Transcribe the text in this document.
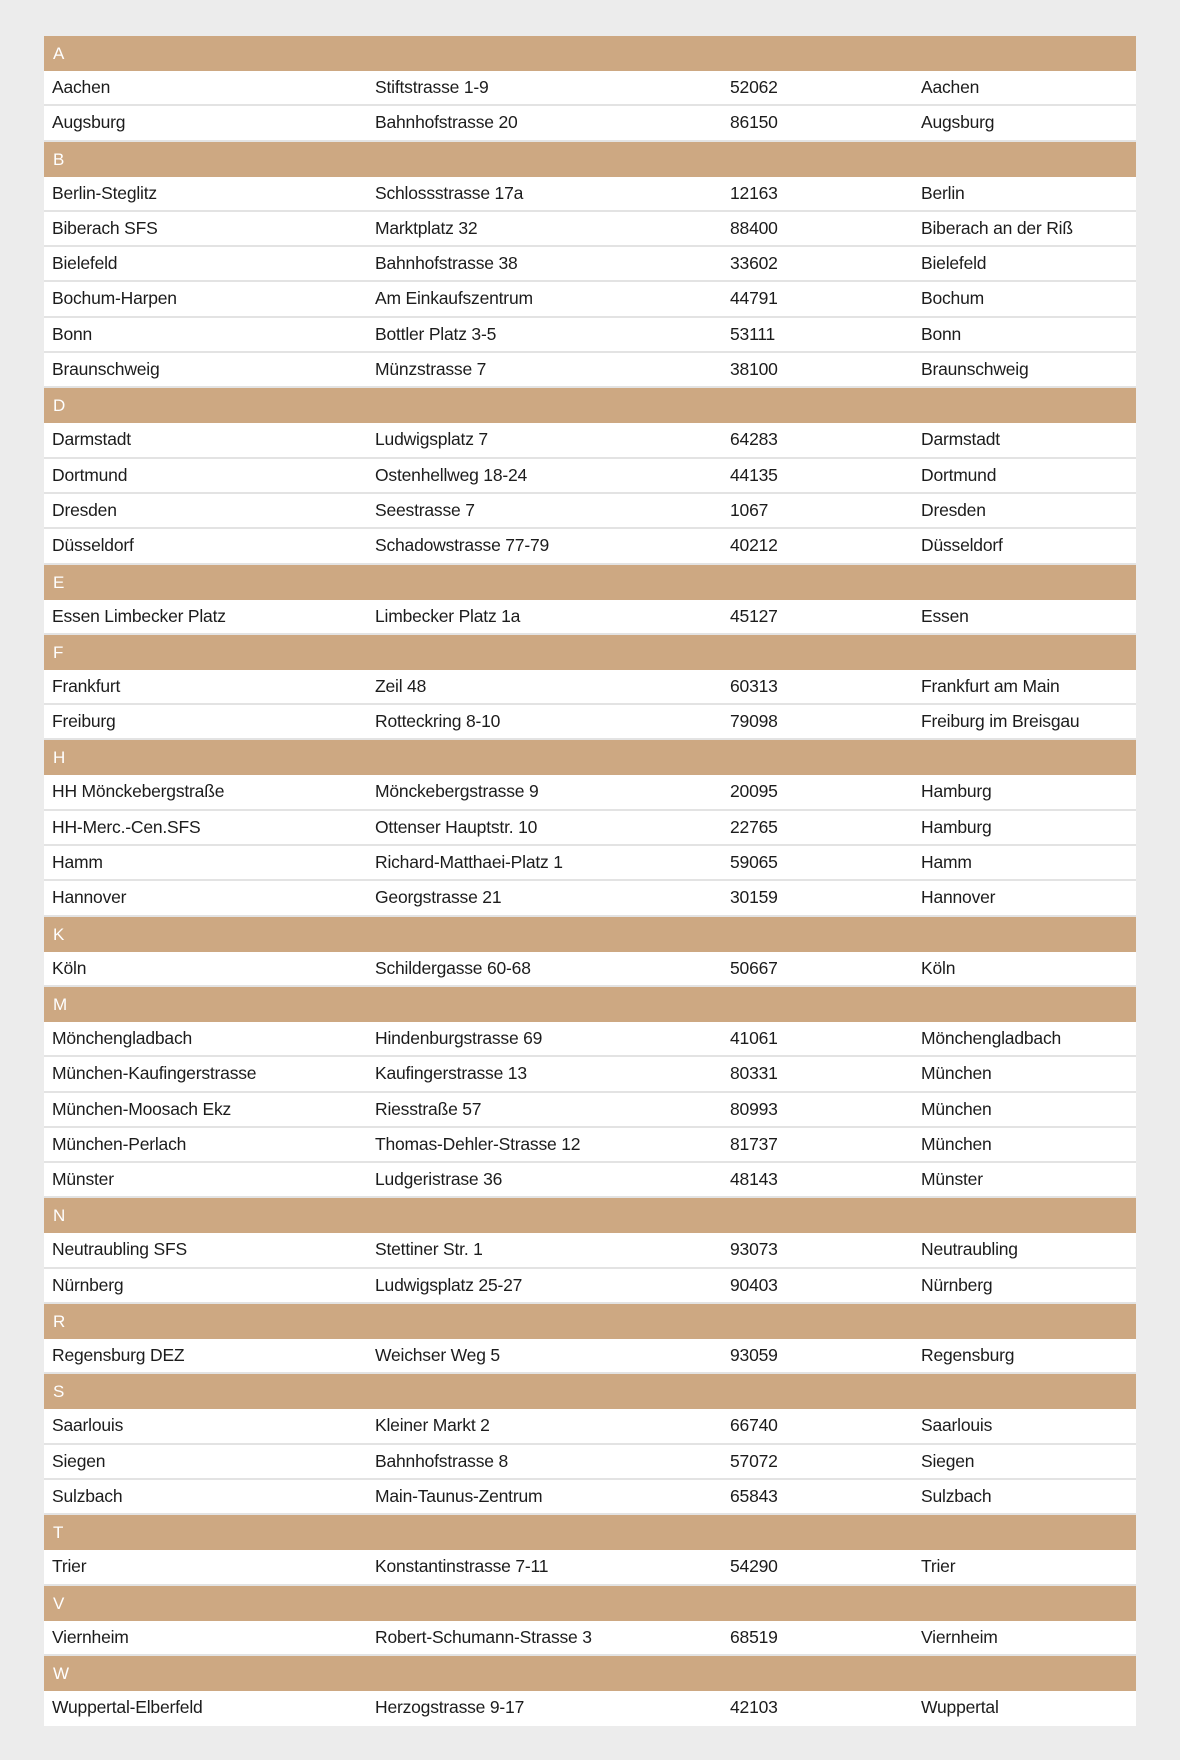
A
Aachen	Stiftstrasse 1-9	52062	Aachen
Augsburg	Bahnhofstrasse 20	86150	Augsburg
B
Berlin-Steglitz	Schlossstrasse 17a	12163	Berlin
Biberach SFS	Marktplatz 32	88400	Biberach an der Riß
Bielefeld	Bahnhofstrasse 38	33602	Bielefeld
Bochum-Harpen	Am Einkaufszentrum	44791	Bochum
Bonn	Bottler Platz 3-5	53111	Bonn
Braunschweig	Münzstrasse 7	38100	Braunschweig
D
Darmstadt	Ludwigsplatz 7	64283	Darmstadt
Dortmund	Ostenhellweg 18-24	44135	Dortmund
Dresden	Seestrasse 7	1067	Dresden
Düsseldorf	Schadowstrasse 77-79	40212	Düsseldorf
E
Essen Limbecker Platz	Limbecker Platz 1a	45127	Essen
F
Frankfurt	Zeil 48	60313	Frankfurt am Main
Freiburg	Rotteckring 8-10	79098	Freiburg im Breisgau
H
HH Mönckebergstraße	Mönckebergstrasse 9	20095	Hamburg
HH-Merc.-Cen.SFS	Ottenser Hauptstr. 10	22765	Hamburg
Hamm	Richard-Matthaei-Platz 1	59065	Hamm
Hannover	Georgstrasse 21	30159	Hannover
K
Köln	Schildergasse 60-68	50667	Köln
M
Mönchengladbach	Hindenburgstrasse 69	41061	Mönchengladbach
München-Kaufingerstrasse	Kaufingerstrasse 13	80331	München
München-Moosach Ekz	Riesstraße 57	80993	München
München-Perlach	Thomas-Dehler-Strasse 12	81737	München
Münster	Ludgeristrase 36	48143	Münster
N
Neutraubling SFS	Stettiner Str. 1	93073	Neutraubling
Nürnberg	Ludwigsplatz 25-27	90403	Nürnberg
R
Regensburg DEZ	Weichser Weg 5	93059	Regensburg
S
Saarlouis	Kleiner Markt 2	66740	Saarlouis
Siegen	Bahnhofstrasse 8	57072	Siegen
Sulzbach	Main-Taunus-Zentrum	65843	Sulzbach
T
Trier	Konstantinstrasse 7-11	54290	Trier
V
Viernheim	Robert-Schumann-Strasse 3	68519	Viernheim
W
Wuppertal-Elberfeld	Herzogstrasse 9-17	42103	Wuppertal
